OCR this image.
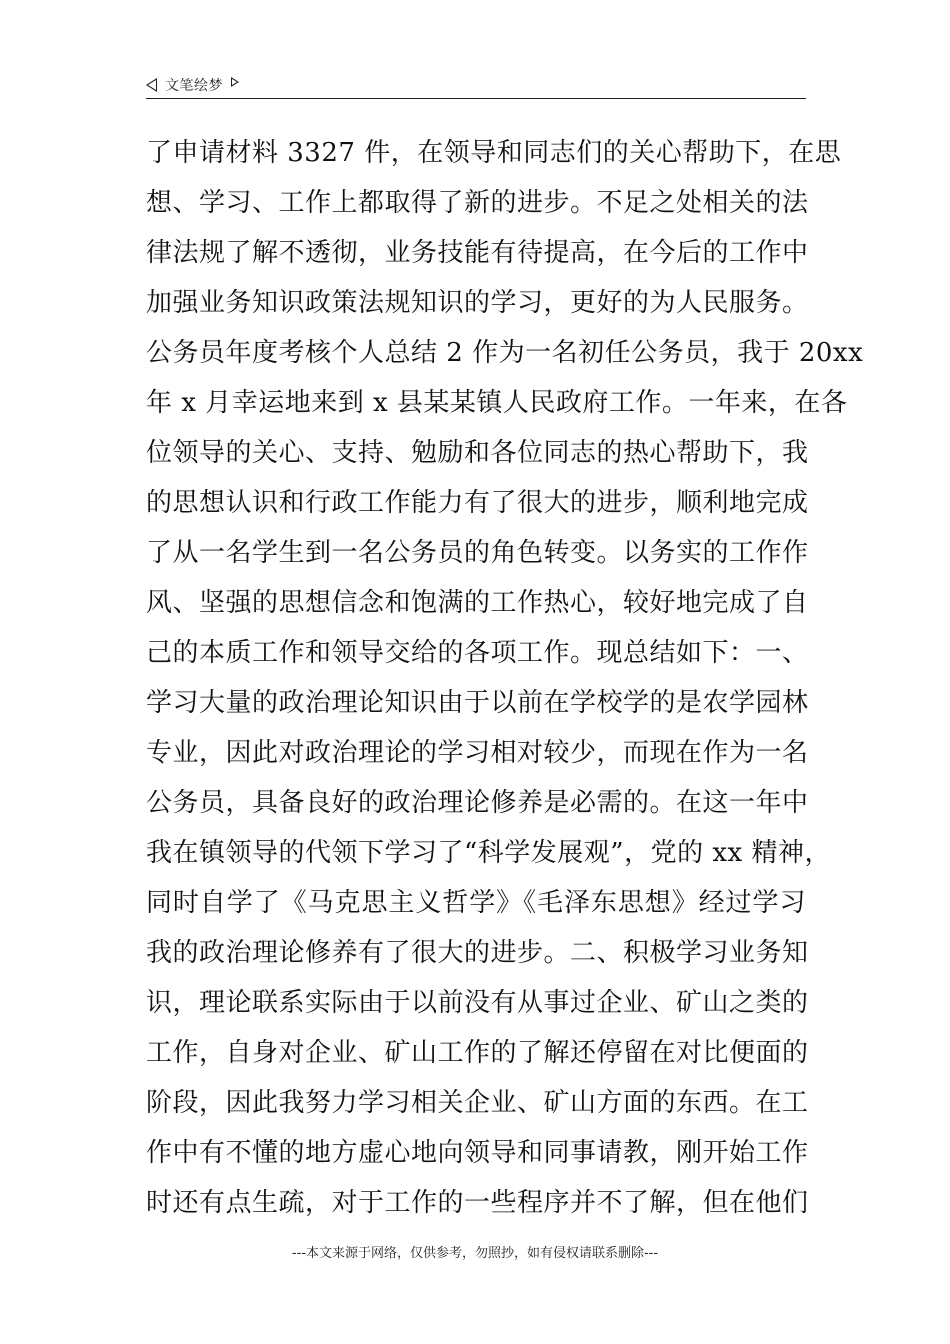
文笔绘梦
了申请材料 3327 件，在领导和同志们的关心帮助下，在思
想、学习、工作上都取得了新的进步。不足之处相关的法
律法规了解不透彻，业务技能有待提高，在今后的工作中
加强业务知识政策法规知识的学习，更好的为人民服务。
公务员年度考核个人总结 2 作为一名初任公务员，我于 20xx
年 x 月幸运地来到 x 县某某镇人民政府工作。一年来，在各
位领导的关心、支持、勉励和各位同志的热心帮助下，我
的思想认识和行政工作能力有了很大的进步，顺利地完成
了从一名学生到一名公务员的角色转变。以务实的工作作
风、坚强的思想信念和饱满的工作热心，较好地完成了自
己的本质工作和领导交给的各项工作。现总结如下：一、
学习大量的政治理论知识由于以前在学校学的是农学园林
专业，因此对政治理论的学习相对较少，而现在作为一名
公务员，具备良好的政治理论修养是必需的。在这一年中
我在镇领导的代领下学习了“科学发展观”，党的 xx 精神，
同时自学了《马克思主义哲学》《毛泽东思想》经过学习
我的政治理论修养有了很大的进步。二、积极学习业务知
识，理论联系实际由于以前没有从事过企业、矿山之类的
工作，自身对企业、矿山工作的了解还停留在对比便面的
阶段，因此我努力学习相关企业、矿山方面的东西。在工
作中有不懂的地方虚心地向领导和同事请教，刚开始工作
时还有点生疏，对于工作的一些程序并不了解，但在他们
---本文来源于网络，仅供参考，勿照抄，如有侵权请联系删除---
